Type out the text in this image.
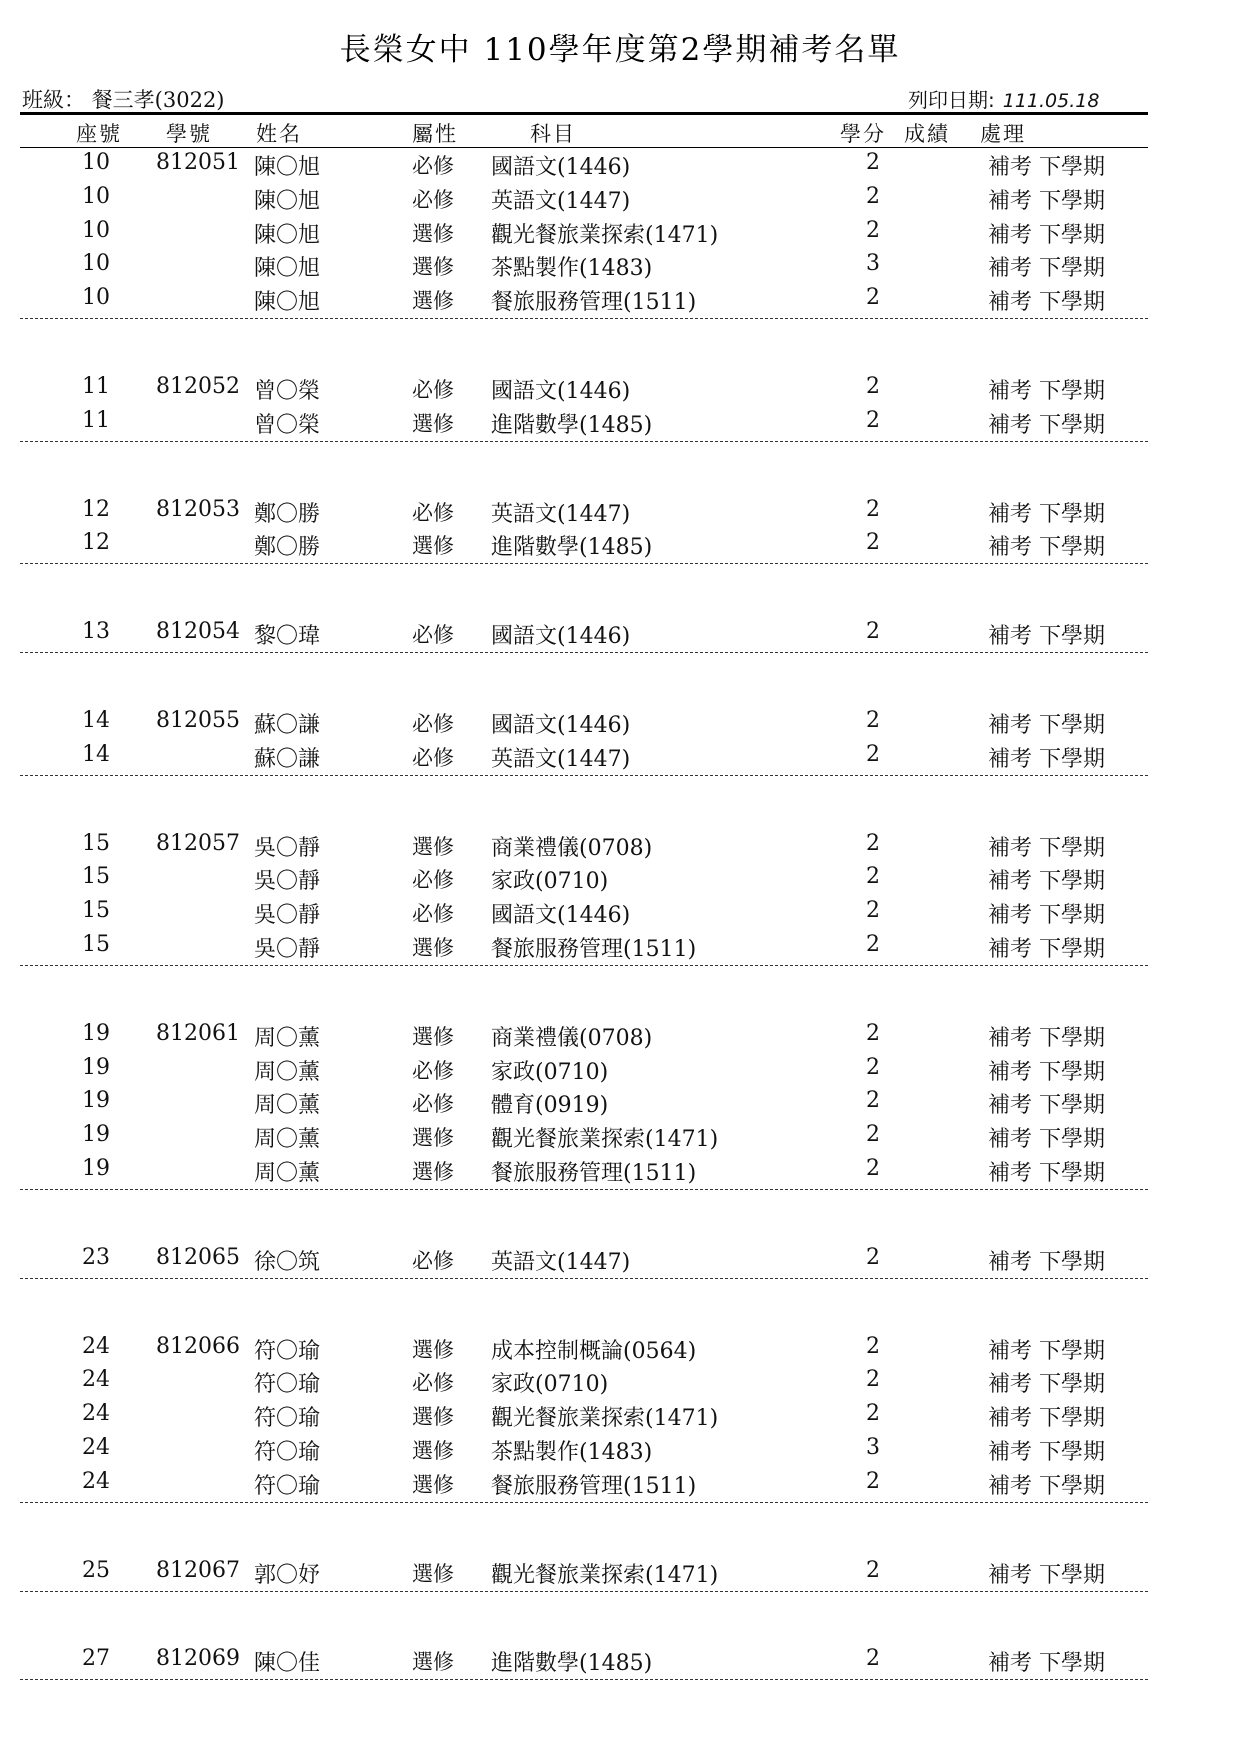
長榮女中 110學年度第2學期補考名單
班級： 餐三孝(3022)	列印日期: 111.05.18
座號 學號 姓名	屬性	科目	學分 成績 處理
10	812051 陳〇旭	必修 國語文(1446)	2	補考 下學期
10	陳〇旭	必修 英語文(1447)	2	補考 下學期
10	陳〇旭	選修 觀光餐旅業探索(1471)	2	補考 下學期
10	陳〇旭	選修 茶點製作(1483)	3	補考 下學期
10	陳〇旭	選修 餐旅服務管理(1511)	2	補考 下學期
11	812052 曾〇榮	必修 國語文(1446)	2	補考 下學期
11	曾〇榮	選修 進階數學(1485)	2	補考 下學期
12	812053 鄭〇勝	必修 英語文(1447)	2	補考 下學期
12	鄭〇勝	選修 進階數學(1485)	2	補考 下學期
13	812054 黎〇瑋	必修 國語文(1446)	2	補考 下學期
14	812055 蘇〇謙	必修 國語文(1446)	2	補考 下學期
14	蘇〇謙	必修 英語文(1447)	2	補考 下學期
15	812057 吳〇靜	選修 商業禮儀(0708)	2	補考 下學期
15	吳〇靜	必修 家政(0710)	2	補考 下學期
15	吳〇靜	必修 國語文(1446)	2	補考 下學期
15	吳〇靜	選修 餐旅服務管理(1511)	2	補考 下學期
19	812061 周〇薰	選修 商業禮儀(0708)	2	補考 下學期
19	周〇薰	必修 家政(0710)	2	補考 下學期
19	周〇薰	必修 體育(0919)	2	補考 下學期
19	周〇薰	選修 觀光餐旅業探索(1471)	2	補考 下學期
19	周〇薰	選修 餐旅服務管理(1511)	2	補考 下學期
23	812065 徐〇筑	必修 英語文(1447)	2	補考 下學期
24	812066 符〇瑜	選修 成本控制概論(0564)	2	補考 下學期
24	符〇瑜	必修 家政(0710)	2	補考 下學期
24	符〇瑜	選修 觀光餐旅業探索(1471)	2	補考 下學期
24	符〇瑜	選修 茶點製作(1483)	3	補考 下學期
24	符〇瑜	選修 餐旅服務管理(1511)	2	補考 下學期
25	812067 郭〇妤	選修 觀光餐旅業探索(1471)	2	補考 下學期
27	812069 陳〇佳	選修 進階數學(1485)	2	補考 下學期
